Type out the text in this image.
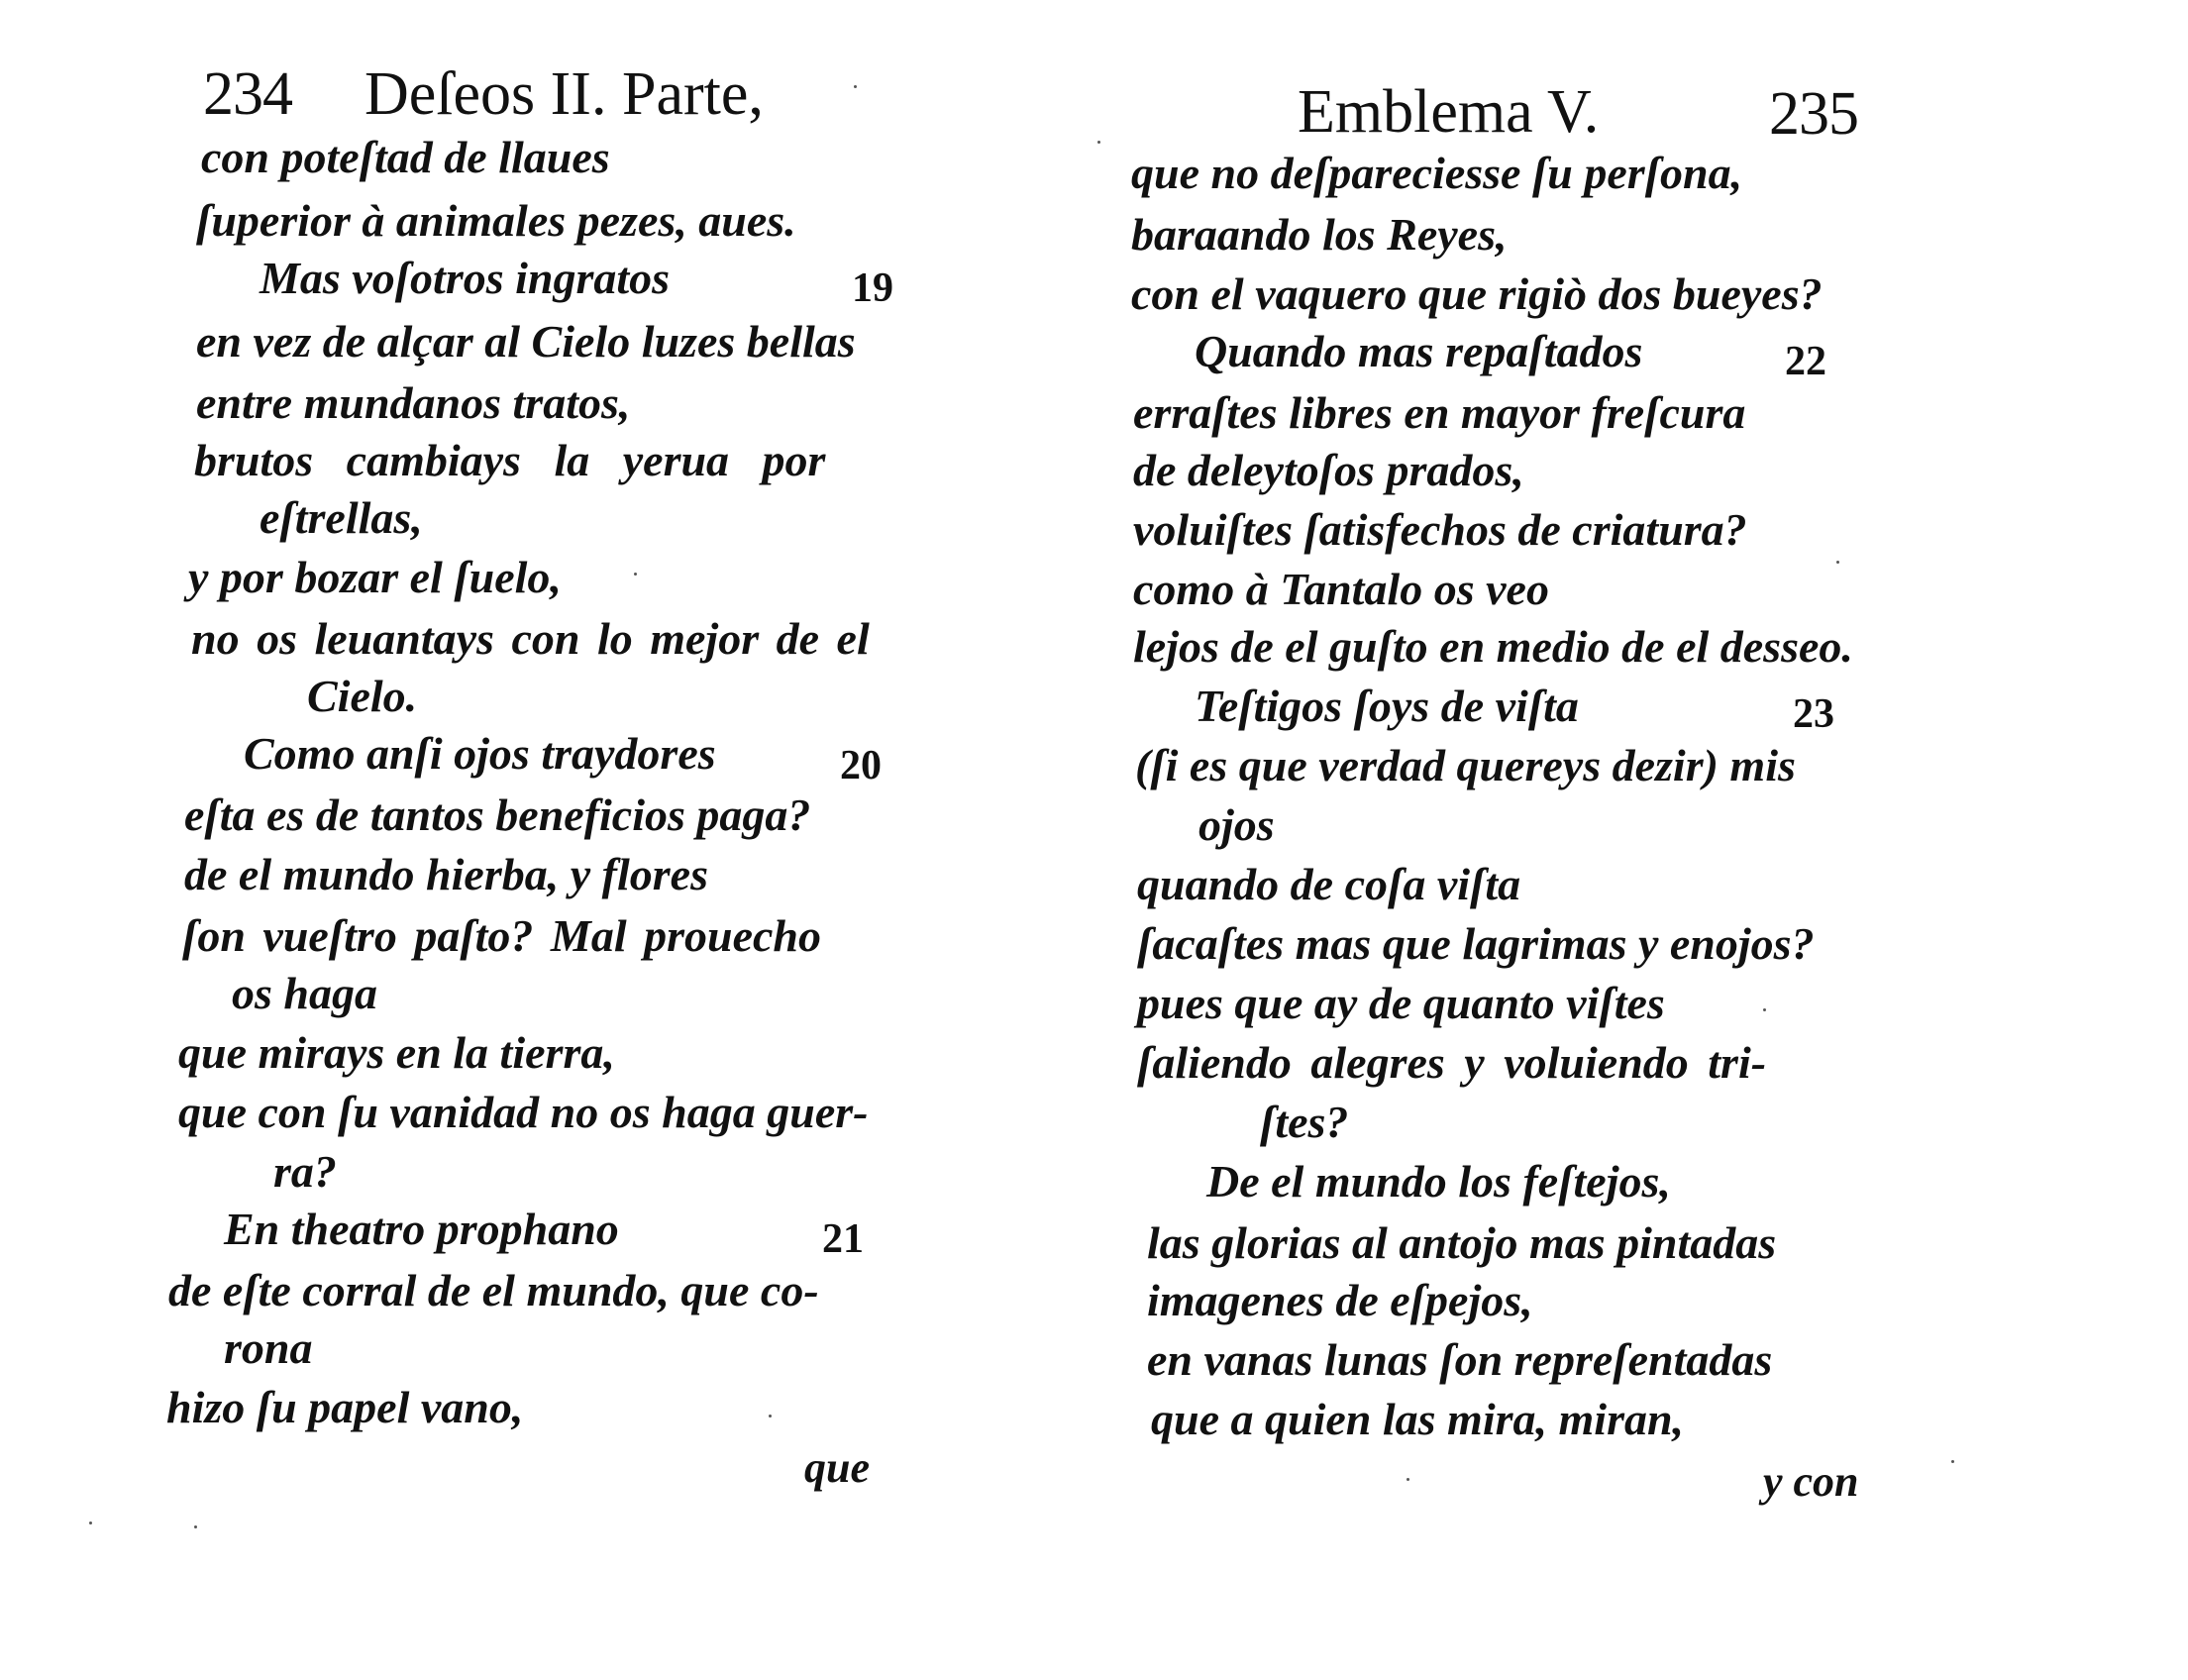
234 Deſeos II. Parte,
con poteſtad de llaues
ſuperior à animales pezes, aues.
Mas voſotros ingratos	19
en vez de alçar al Cielo luzes bellas
entre mundanos tratos,
brutos cambiays la yerua por
eſtrellas,
y por bozar el ſuelo,
no os leuantays con lo mejor de el
Cielo.
Como anſi ojos traydores	20
eſta es de tantos beneficios paga?
de el mundo hierba, y flores
ſon vueſtro paſto? Mal prouecho
os haga
que mirays en la tierra,
que con ſu vanidad no os haga guer-
ra?
En theatro prophano	21
de eſte corral de el mundo, que co-
rona
hizo ſu papel vano,
que
Emblema V.	235
que no deſpareciesse ſu perſona,
baraando los Reyes,
con el vaquero que rigiò dos bueyes?
Quando mas repaſtados	22
erraſtes libres en mayor freſcura
de deleytoſos prados,
voluiſtes ſatisfechos de criatura?
como à Tantalo os veo
lejos de el guſto en medio de el desseo.
Teſtigos ſoys de viſta	23
(ſi es que verdad quereys dezir) mis
ojos
quando de coſa viſta
ſacaſtes mas que lagrimas y enojos?
pues que ay de quanto viſtes
ſaliendo alegres y voluiendo tri-
ſtes?
De el mundo los feſtejos,
las glorias al antojo mas pintadas
imagenes de eſpejos,
en vanas lunas ſon repreſentadas
que a quien las mira, miran,
y con
